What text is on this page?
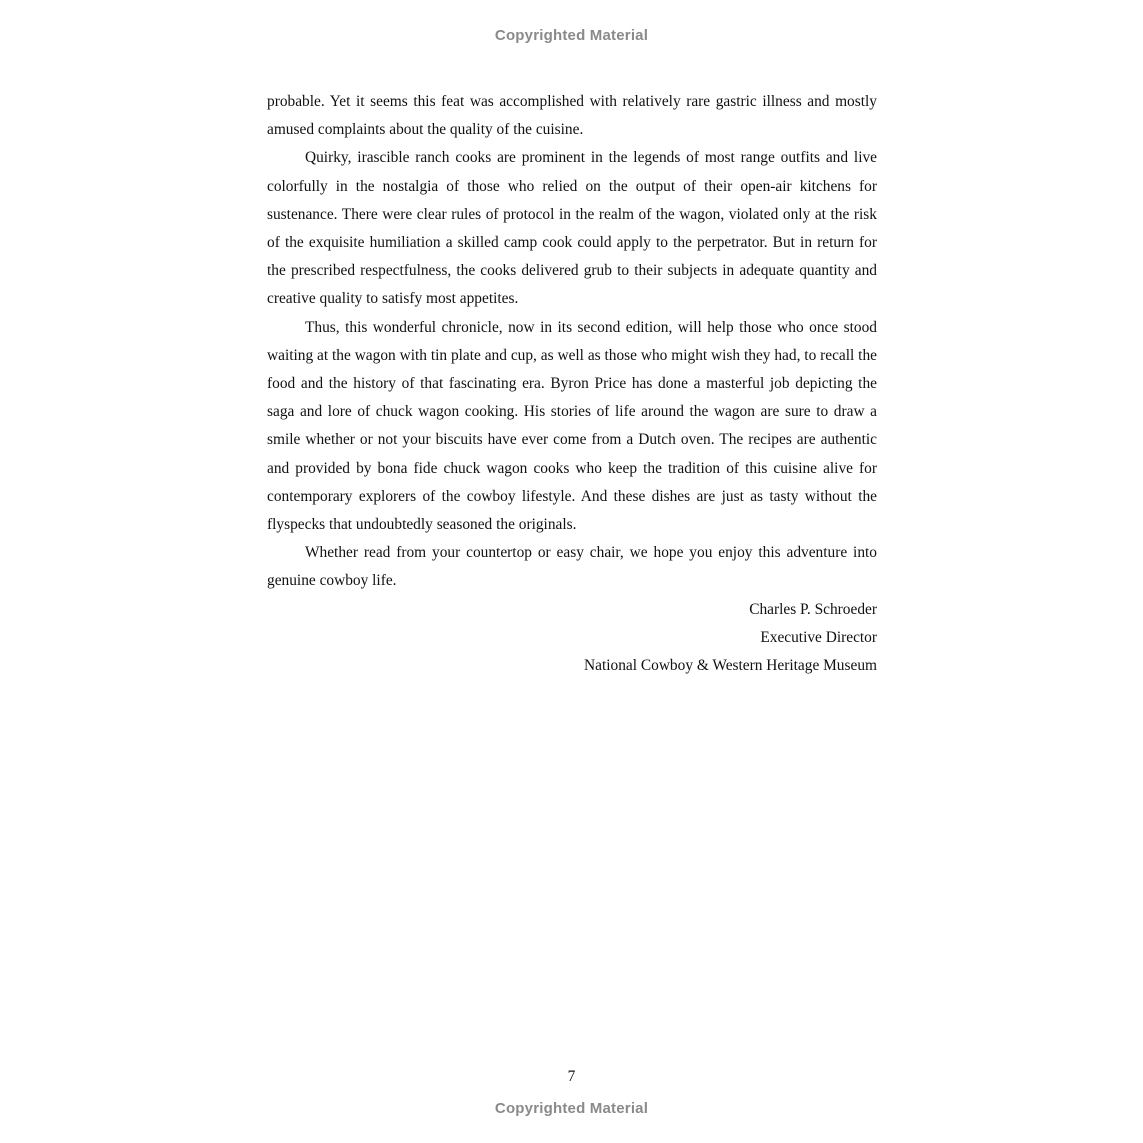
Copyrighted Material

probable. Yet it seems this feat was accomplished with relatively rare gastric illness and mostly amused complaints about the quality of the cuisine.

Quirky, irascible ranch cooks are prominent in the legends of most range outfits and live colorfully in the nostalgia of those who relied on the output of their open-air kitchens for sustenance. There were clear rules of protocol in the realm of the wagon, violated only at the risk of the exquisite humiliation a skilled camp cook could apply to the perpetrator. But in return for the prescribed respectfulness, the cooks delivered grub to their subjects in adequate quantity and creative quality to satisfy most appetites.

Thus, this wonderful chronicle, now in its second edition, will help those who once stood waiting at the wagon with tin plate and cup, as well as those who might wish they had, to recall the food and the history of that fascinating era. Byron Price has done a masterful job depicting the saga and lore of chuck wagon cooking. His stories of life around the wagon are sure to draw a smile whether or not your biscuits have ever come from a Dutch oven. The recipes are authentic and provided by bona fide chuck wagon cooks who keep the tradition of this cuisine alive for contemporary explorers of the cowboy lifestyle. And these dishes are just as tasty without the flyspecks that undoubtedly seasoned the originals.

Whether read from your countertop or easy chair, we hope you enjoy this adventure into genuine cowboy life.

Charles P. Schroeder
Executive Director
National Cowboy & Western Heritage Museum
7
Copyrighted Material
